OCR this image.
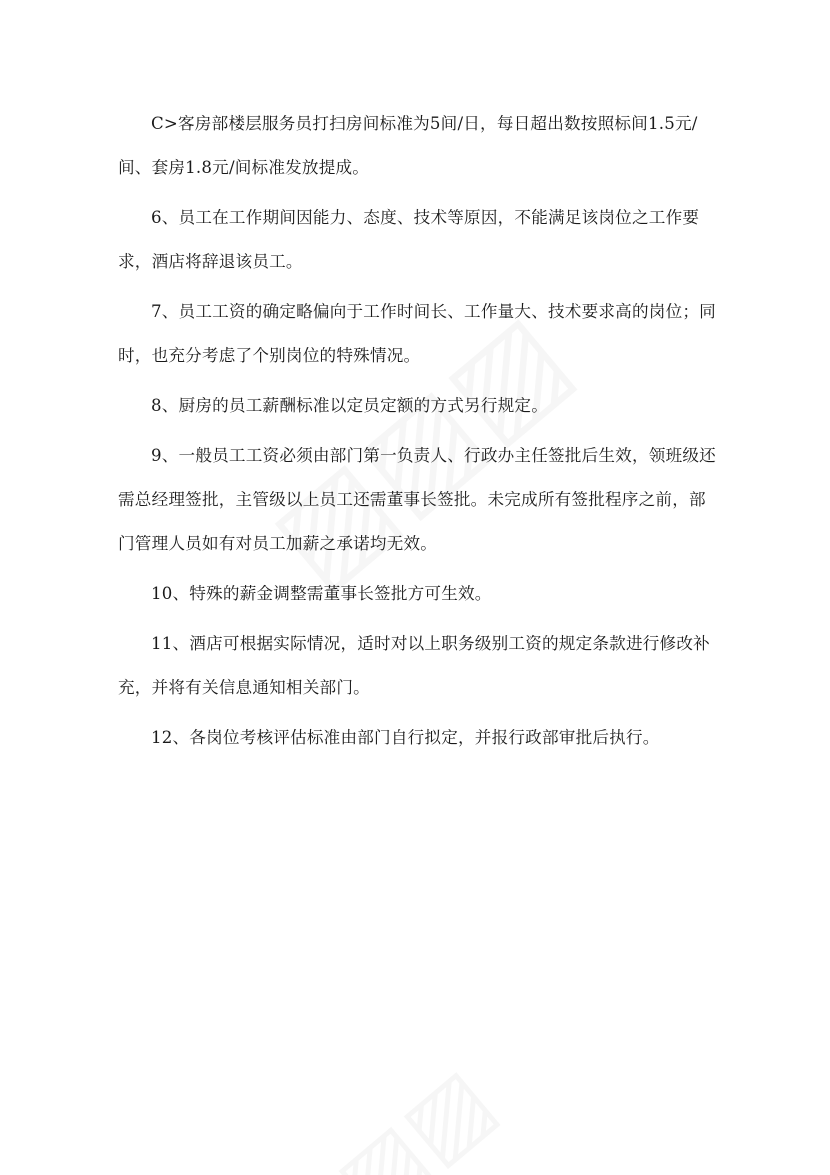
C>客房部楼层服务员打扫房间标准为5间/日，每日超出数按照标间1.5元/间、套房1.8元/间标准发放提成。

6、员工在工作期间因能力、态度、技术等原因，不能满足该岗位之工作要求，酒店将辞退该员工。

7、员工工资的确定略偏向于工作时间长、工作量大、技术要求高的岗位；同时，也充分考虑了个别岗位的特殊情况。

8、厨房的员工薪酬标准以定员定额的方式另行规定。

9、一般员工工资必须由部门第一负责人、行政办主任签批后生效，领班级还需总经理签批，主管级以上员工还需董事长签批。未完成所有签批程序之前，部门管理人员如有对员工加薪之承诺均无效。

10、特殊的薪金调整需董事长签批方可生效。

11、酒店可根据实际情况，适时对以上职务级别工资的规定条款进行修改补充，并将有关信息通知相关部门。

12、各岗位考核评估标准由部门自行拟定，并报行政部审批后执行。
